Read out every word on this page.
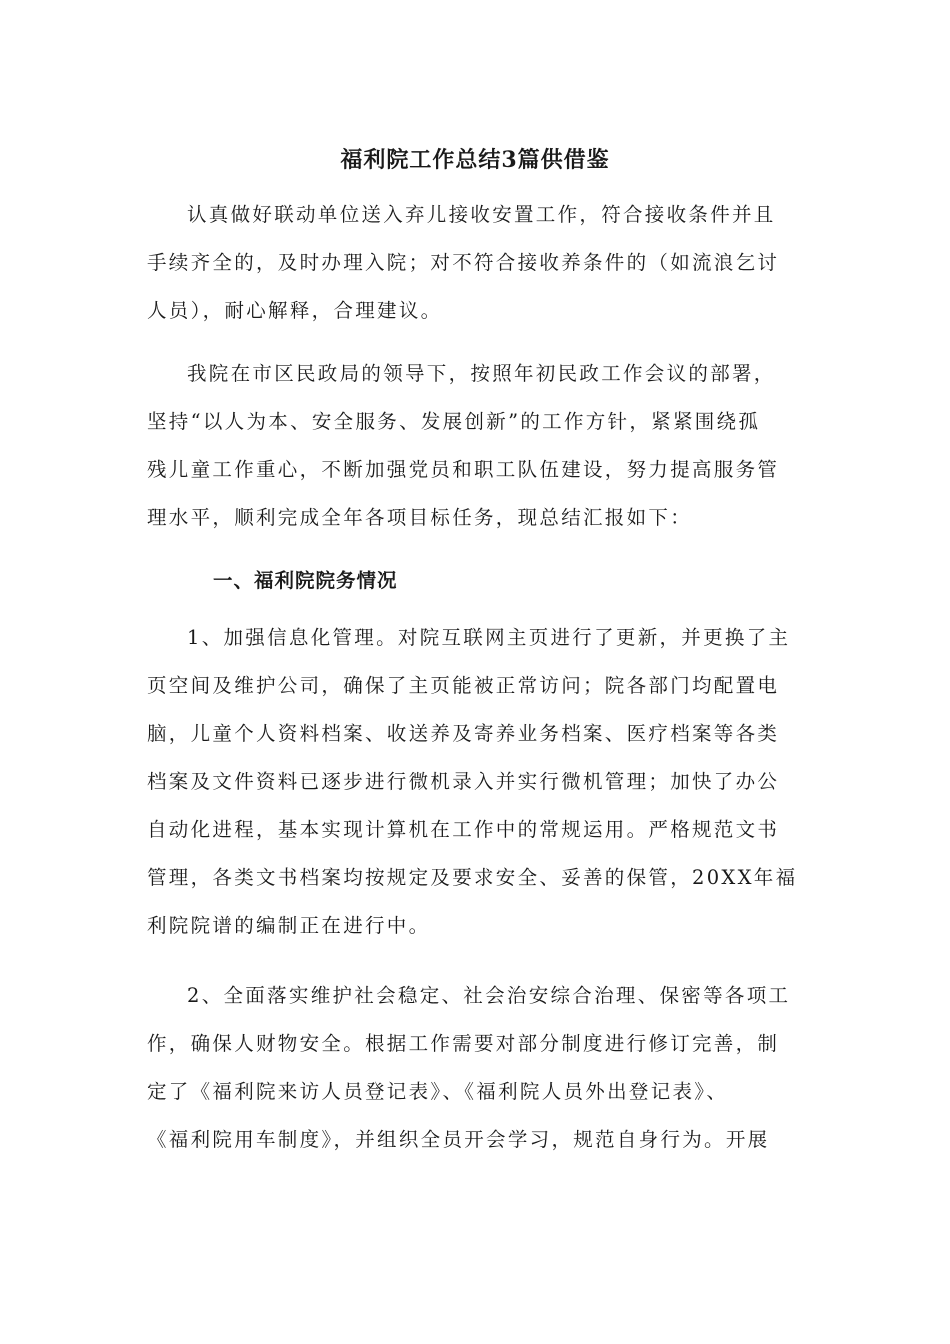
福利院工作总结3篇供借鉴

认真做好联动单位送入弃儿接收安置工作，符合接收条件并且
手续齐全的，及时办理入院；对不符合接收养条件的（如流浪乞讨
人员），耐心解释，合理建议。

我院在市区民政局的领导下，按照年初民政工作会议的部署，
坚持“以人为本、安全服务、发展创新”的工作方针，紧紧围绕孤
残儿童工作重心，不断加强党员和职工队伍建设，努力提高服务管
理水平，顺利完成全年各项目标任务，现总结汇报如下：

一、福利院院务情况

1、加强信息化管理。对院互联网主页进行了更新，并更换了主
页空间及维护公司，确保了主页能被正常访问；院各部门均配置电
脑，儿童个人资料档案、收送养及寄养业务档案、医疗档案等各类
档案及文件资料已逐步进行微机录入并实行微机管理；加快了办公
自动化进程，基本实现计算机在工作中的常规运用。严格规范文书
管理，各类文书档案均按规定及要求安全、妥善的保管，20XX年福
利院院谱的编制正在进行中。

2、全面落实维护社会稳定、社会治安综合治理、保密等各项工
作，确保人财物安全。根据工作需要对部分制度进行修订完善，制
定了《福利院来访人员登记表》、《福利院人员外出登记表》、
《福利院用车制度》，并组织全员开会学习，规范自身行为。开展
